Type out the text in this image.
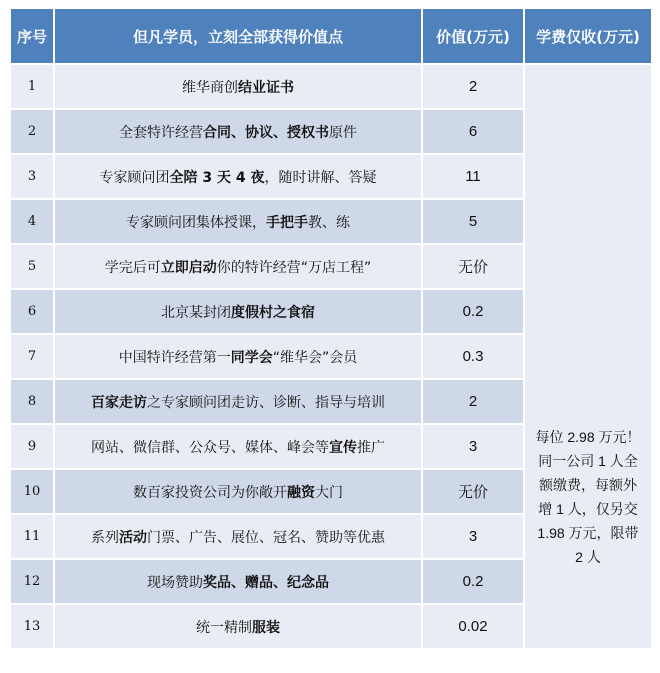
序号	但凡学员，立刻全部获得价值点	价值(万元)	学费仅收(万元)
1	维华商创结业证书	2	每位 2.98 万元！同一公司 1 人全额缴费，每额外增 1 人，仅另交 1.98 万元，限带 2 人

2	全套特许经营合同、协议、授权书原件	6	
3	专家顾问团全陪 3 天 4 夜，随时讲解、答疑	11	
4	专家顾问团集体授课，手把手教、练	5	
5	学完后可立即启动你的特许经营“万店工程”	无价	
6	北京某封闭度假村之食宿	0.2	
7	中国特许经营第一同学会“维华会”会员	0.3	
8	百家走访之专家顾问团走访、诊断、指导与培训	2	
9	网站、微信群、公众号、媒体、峰会等宣传推广	3	
10	数百家投资公司为你敞开融资大门	无价	
11	系列活动门票、广告、展位、冠名、赞助等优惠	3	
12	现场赞助奖品、赠品、纪念品	0.2	
13	统一精制服装	0.02	
